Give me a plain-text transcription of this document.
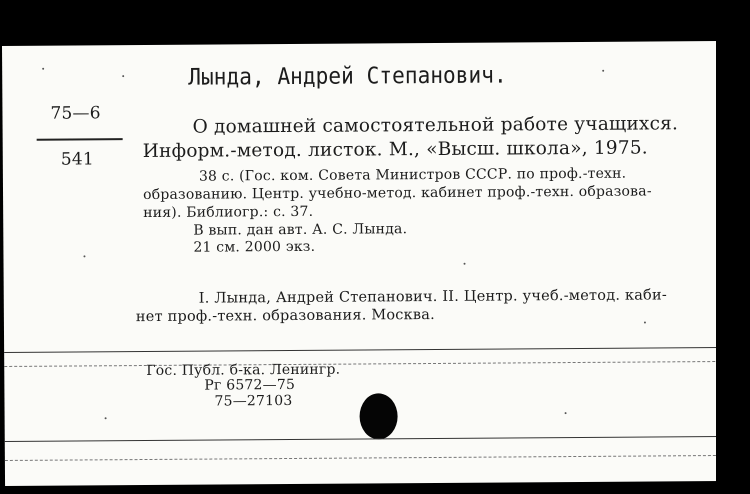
Лында, Андрей Степанович.
75—6
541
О домашней самостоятельной работе учащихся.
Информ.-метод. листок. М., «Высш. школа», 1975.
38 с. (Гос. ком. Совета Министров СССР. по проф.-техн.
образованию. Центр. учебно-метод. кабинет проф.-техн. образова-
ния). Библиогр.: с. 37.
В вып. дан авт. А. С. Лында.
21 см. 2000 экз.
I. Лында, Андрей Степанович. II. Центр. учеб.-метод. каби-
нет проф.-техн. образования. Москва.
Гос. Публ. б-ка. Ленингр.
Рг 6572—75
75—27103
